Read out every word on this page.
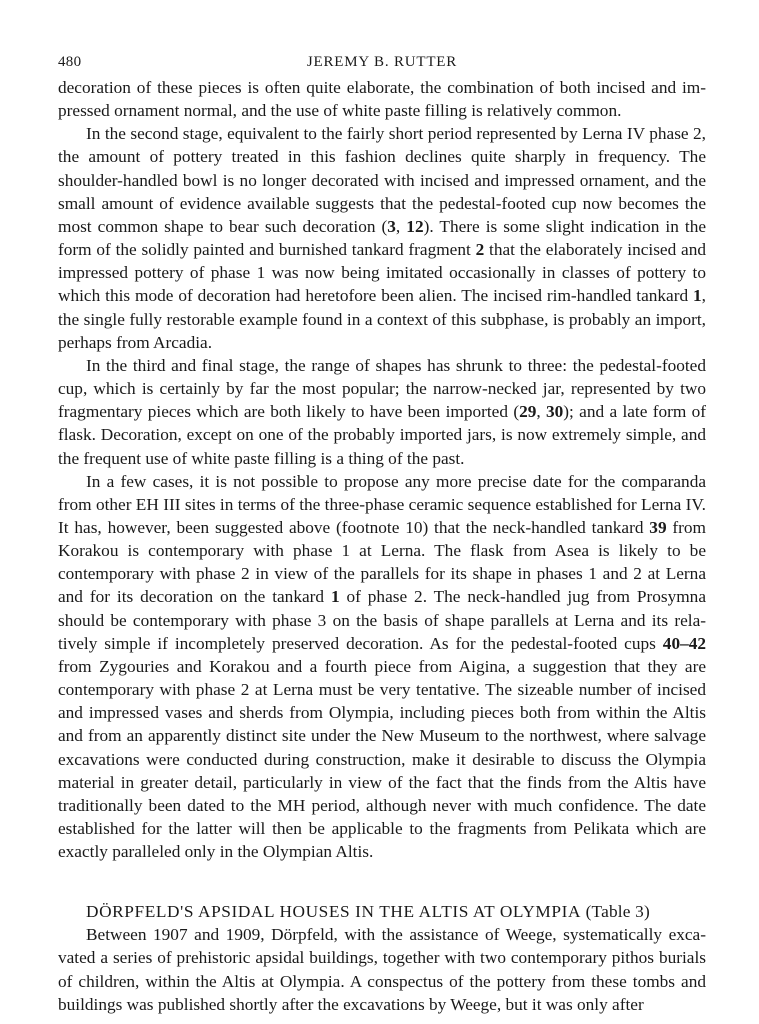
480	JEREMY B. RUTTER

decoration of these pieces is often quite elaborate, the combination of both incised and impressed ornament normal, and the use of white paste filling is relatively common.

In the second stage, equivalent to the fairly short period represented by Lerna IV phase 2, the amount of pottery treated in this fashion declines quite sharply in frequency. The shoulder-handled bowl is no longer decorated with incised and impressed ornament, and the small amount of evidence available suggests that the pedestal-footed cup now becomes the most common shape to bear such decoration (3, 12). There is some slight indication in the form of the solidly painted and burnished tankard fragment 2 that the elaborately incised and impressed pottery of phase 1 was now being imitated occasionally in classes of pottery to which this mode of decoration had heretofore been alien. The incised rim-handled tankard 1, the single fully restorable example found in a context of this subphase, is probably an import, perhaps from Arcadia.

In the third and final stage, the range of shapes has shrunk to three: the pedestal-footed cup, which is certainly by far the most popular; the narrow-necked jar, represented by two fragmentary pieces which are both likely to have been imported (29, 30); and a late form of flask. Decoration, except on one of the probably imported jars, is now extremely simple, and the frequent use of white paste filling is a thing of the past.

In a few cases, it is not possible to propose any more precise date for the comparanda from other EH III sites in terms of the three-phase ceramic sequence established for Lerna IV. It has, however, been suggested above (footnote 10) that the neck-handled tankard 39 from Korakou is contemporary with phase 1 at Lerna. The flask from Asea is likely to be contemporary with phase 2 in view of the parallels for its shape in phases 1 and 2 at Lerna and for its decoration on the tankard 1 of phase 2. The neck-handled jug from Prosymna should be contemporary with phase 3 on the basis of shape parallels at Lerna and its relatively simple if incompletely preserved decoration. As for the pedestal-footed cups 40–42 from Zygouries and Korakou and a fourth piece from Aigina, a suggestion that they are contemporary with phase 2 at Lerna must be very tentative. The sizeable number of incised and impressed vases and sherds from Olympia, including pieces both from within the Altis and from an apparently distinct site under the New Museum to the northwest, where salvage excavations were conducted during construction, make it desirable to discuss the Olympia material in greater detail, particularly in view of the fact that the finds from the Altis have traditionally been dated to the MH period, although never with much confidence. The date established for the latter will then be applicable to the fragments from Pelikata which are exactly paralleled only in the Olympian Altis.

DÖRPFELD'S APSIDAL HOUSES IN THE ALTIS AT OLYMPIA (Table 3)

Between 1907 and 1909, Dörpfeld, with the assistance of Weege, systematically excavated a series of prehistoric apsidal buildings, together with two contemporary pithos burials of children, within the Altis at Olympia. A conspectus of the pottery from these tombs and buildings was published shortly after the excavations by Weege, but it was only after
